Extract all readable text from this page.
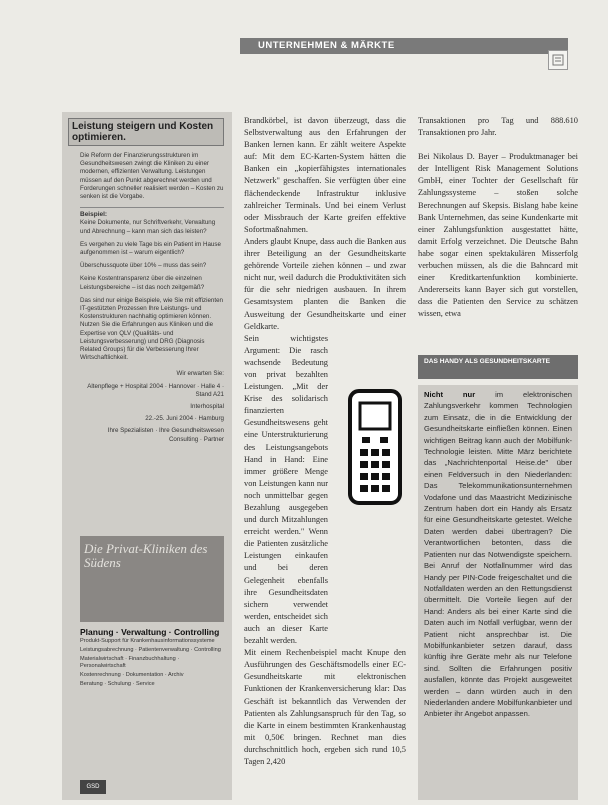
UNTERNEHMEN & MÄRKTE
Leistung steigern und Kosten optimieren.
Die Reform der Finanzierungsstrukturen im Gesundheitswesen zwingt die Kliniken zu einer modernen, effizienten Verwaltung. Leistungen müssen auf den Punkt abgerechnet werden und Forderungen schneller realisiert werden – Kosten zu senken ist die Vorgabe.
Beispiel:

Keine Dokumente, nur Schriftverkehr, Verwaltung und Abrechnung – kann man sich das leisten?

Es vergehen zu viele Tage bis ein Patient im Hause aufgenommen ist – warum eigentlich?

Überschussquote über 10% – muss das sein?

Keine Kostentransparenz über die einzelnen Leistungsbereiche – ist das noch zeitgemäß?

Das sind nur einige Beispiele, wie Sie mit effizienten IT-gestützten Prozessen Ihre Leistungs- und Kostenstrukturen nachhaltig optimieren können. Nutzen Sie die Erfahrungen aus Kliniken und die Expertise von QLV (Qualitäts- und Leistungsverbesserung) und DRG (Diagnosis Related Groups) für die Verbesserung Ihrer Wirtschaftlichkeit.

Wir erwarten Sie:

Altenpflege + Hospital 2004 · Hannover · Halle 4 · Stand A21

Interhospital

22.-25. Juni 2004 · Hamburg

Ihre Spezialisten · Ihre Gesundheitswesen Consulting · Partner

Die Privat-Kliniken des Südens
Planung · Verwaltung · Controlling

Produkt-Support für Krankenhausinformationssysteme

Leistungsabrechnung · Patientenverwaltung · Controlling

Materialwirtschaft · Finanzbuchhaltung · Personalwirtschaft

Kostenrechnung · Dokumentation · Archiv

Beratung · Schulung · Service

GSD

Brandkörbel, ist davon überzeugt, dass die Selbstverwaltung aus den Erfahrungen der Banken lernen kann. Er zählt weitere Aspekte auf: Mit dem EC-Karten-System hätten die Banken ein „kopierfähigstes internationales Netzwerk" geschaffen. Sie verfügten über eine flächendeckende Infrastruktur inklusive zahlreicher Terminals. Und bei einem Verlust oder Missbrauch der Karte greifen effektive Sofortmaßnahmen.

Anders glaubt Knupe, dass auch die Banken aus ihrer Beteiligung an der Gesundheitskarte gehörende Vorteile ziehen können – und zwar nicht nur, weil dadurch die Produktivitäten sich für die sehr niedrigen ausbauen. In ihrem Gesamtsystem planten die Banken die Ausweitung der Gesundheitskarte und einer Geldkarte.

Sein wichtigstes Argument: Die rasch wachsende Bedeutung von privat bezahlten Leistungen. „Mit der Krise des solidarisch finanzierten Gesundheitswesens geht eine Unterstrukturierung des Leistungsangebots Hand in Hand: Eine immer größere Menge von Leistungen kann nur noch unmittelbar gegen Bezahlung ausgegeben und durch Mitzahlungen erreicht werden." Wenn die Patienten zusätzliche Leistungen einkaufen und bei deren Gelegenheit ebenfalls ihre Gesundheitsdaten sichern verwendet werden, entscheidet sich auch an dieser Karte bezahlt werden.

Mit einem Rechenbeispiel macht Knupe den Ausführungen des Geschäftsmodells einer EC-Gesundheitskarte mit elektronischen Funktionen der Krankenversicherung klar: Das Geschäft ist bekanntlich das Verwenden der Patienten als Zahlungsanspruch für den Tag, so die Karte in einem bestimmten Krankenhaustag mit 0,50€ bringen. Rechnet man dies durchschnittlich hoch, ergeben sich rund 10,5 Tagen 2,420

Transaktionen pro Tag und 888.610 Transaktionen pro Jahr.

Bei Nikolaus D. Bayer – Produktmanager bei der Intelligent Risk Management Solutions GmbH, einer Tochter der Gesellschaft für Zahlungssysteme – stoßen solche Berechnungen auf Skepsis. Bislang habe keine Bank Unternehmen, das seine Kundenkarte mit einer Zahlungsfunktion ausgestattet hätte, damit Erfolg verzeichnet. Die Deutsche Bahn habe sogar einen spektakulären Misserfolg verbuchen müssen, als die die Bahncard mit einer Kreditkartenfunktion kombinierte. Andererseits kann Bayer sich gut vorstellen, dass die Patienten den Service zu schätzen wissen, etwa

DAS HANDY ALS GESUNDHEITSKARTE
Nicht nur	im elektronischen Zahlungsverkehr kommen Technologien zum Einsatz, die in die Entwicklung der Gesundheitskarte einfließen können. Einen wichtigen Beitrag kann auch der Mobilfunk-Technologie leisten. Mitte März berichtete das „Nachrichtenportal Heise.de" über einen Feldversuch in den Niederlanden: Das Telekommunikationsunternehmen Vodafone und das Maastricht Medizinische Zentrum haben dort ein Handy als Ersatz für eine Gesundheitskarte getestet. Welche Daten werden dabei übertragen? Die Verantwortlichen betonten, dass die Patienten nur das Notwendigste speichern. Bei Anruf der Notfallnummer wird das Handy per PIN-Code freigeschaltet und die Notfalldaten werden an den Rettungsdienst übermittelt. Die Vorteile liegen auf der Hand: Anders als bei einer Karte sind die Daten auch im Notfall verfügbar, wenn der Patient nicht ansprechbar ist. Die Mobilfunkanbieter setzen darauf, dass künftig ihre Geräte mehr als nur Telefone sind. Sollten die Erfahrungen positiv ausfallen, könnte das Projekt ausgeweitet werden – dann würden auch in den Niederlanden andere Mobilfunkanbieter und Anbieter ihr Angebot anpassen.
